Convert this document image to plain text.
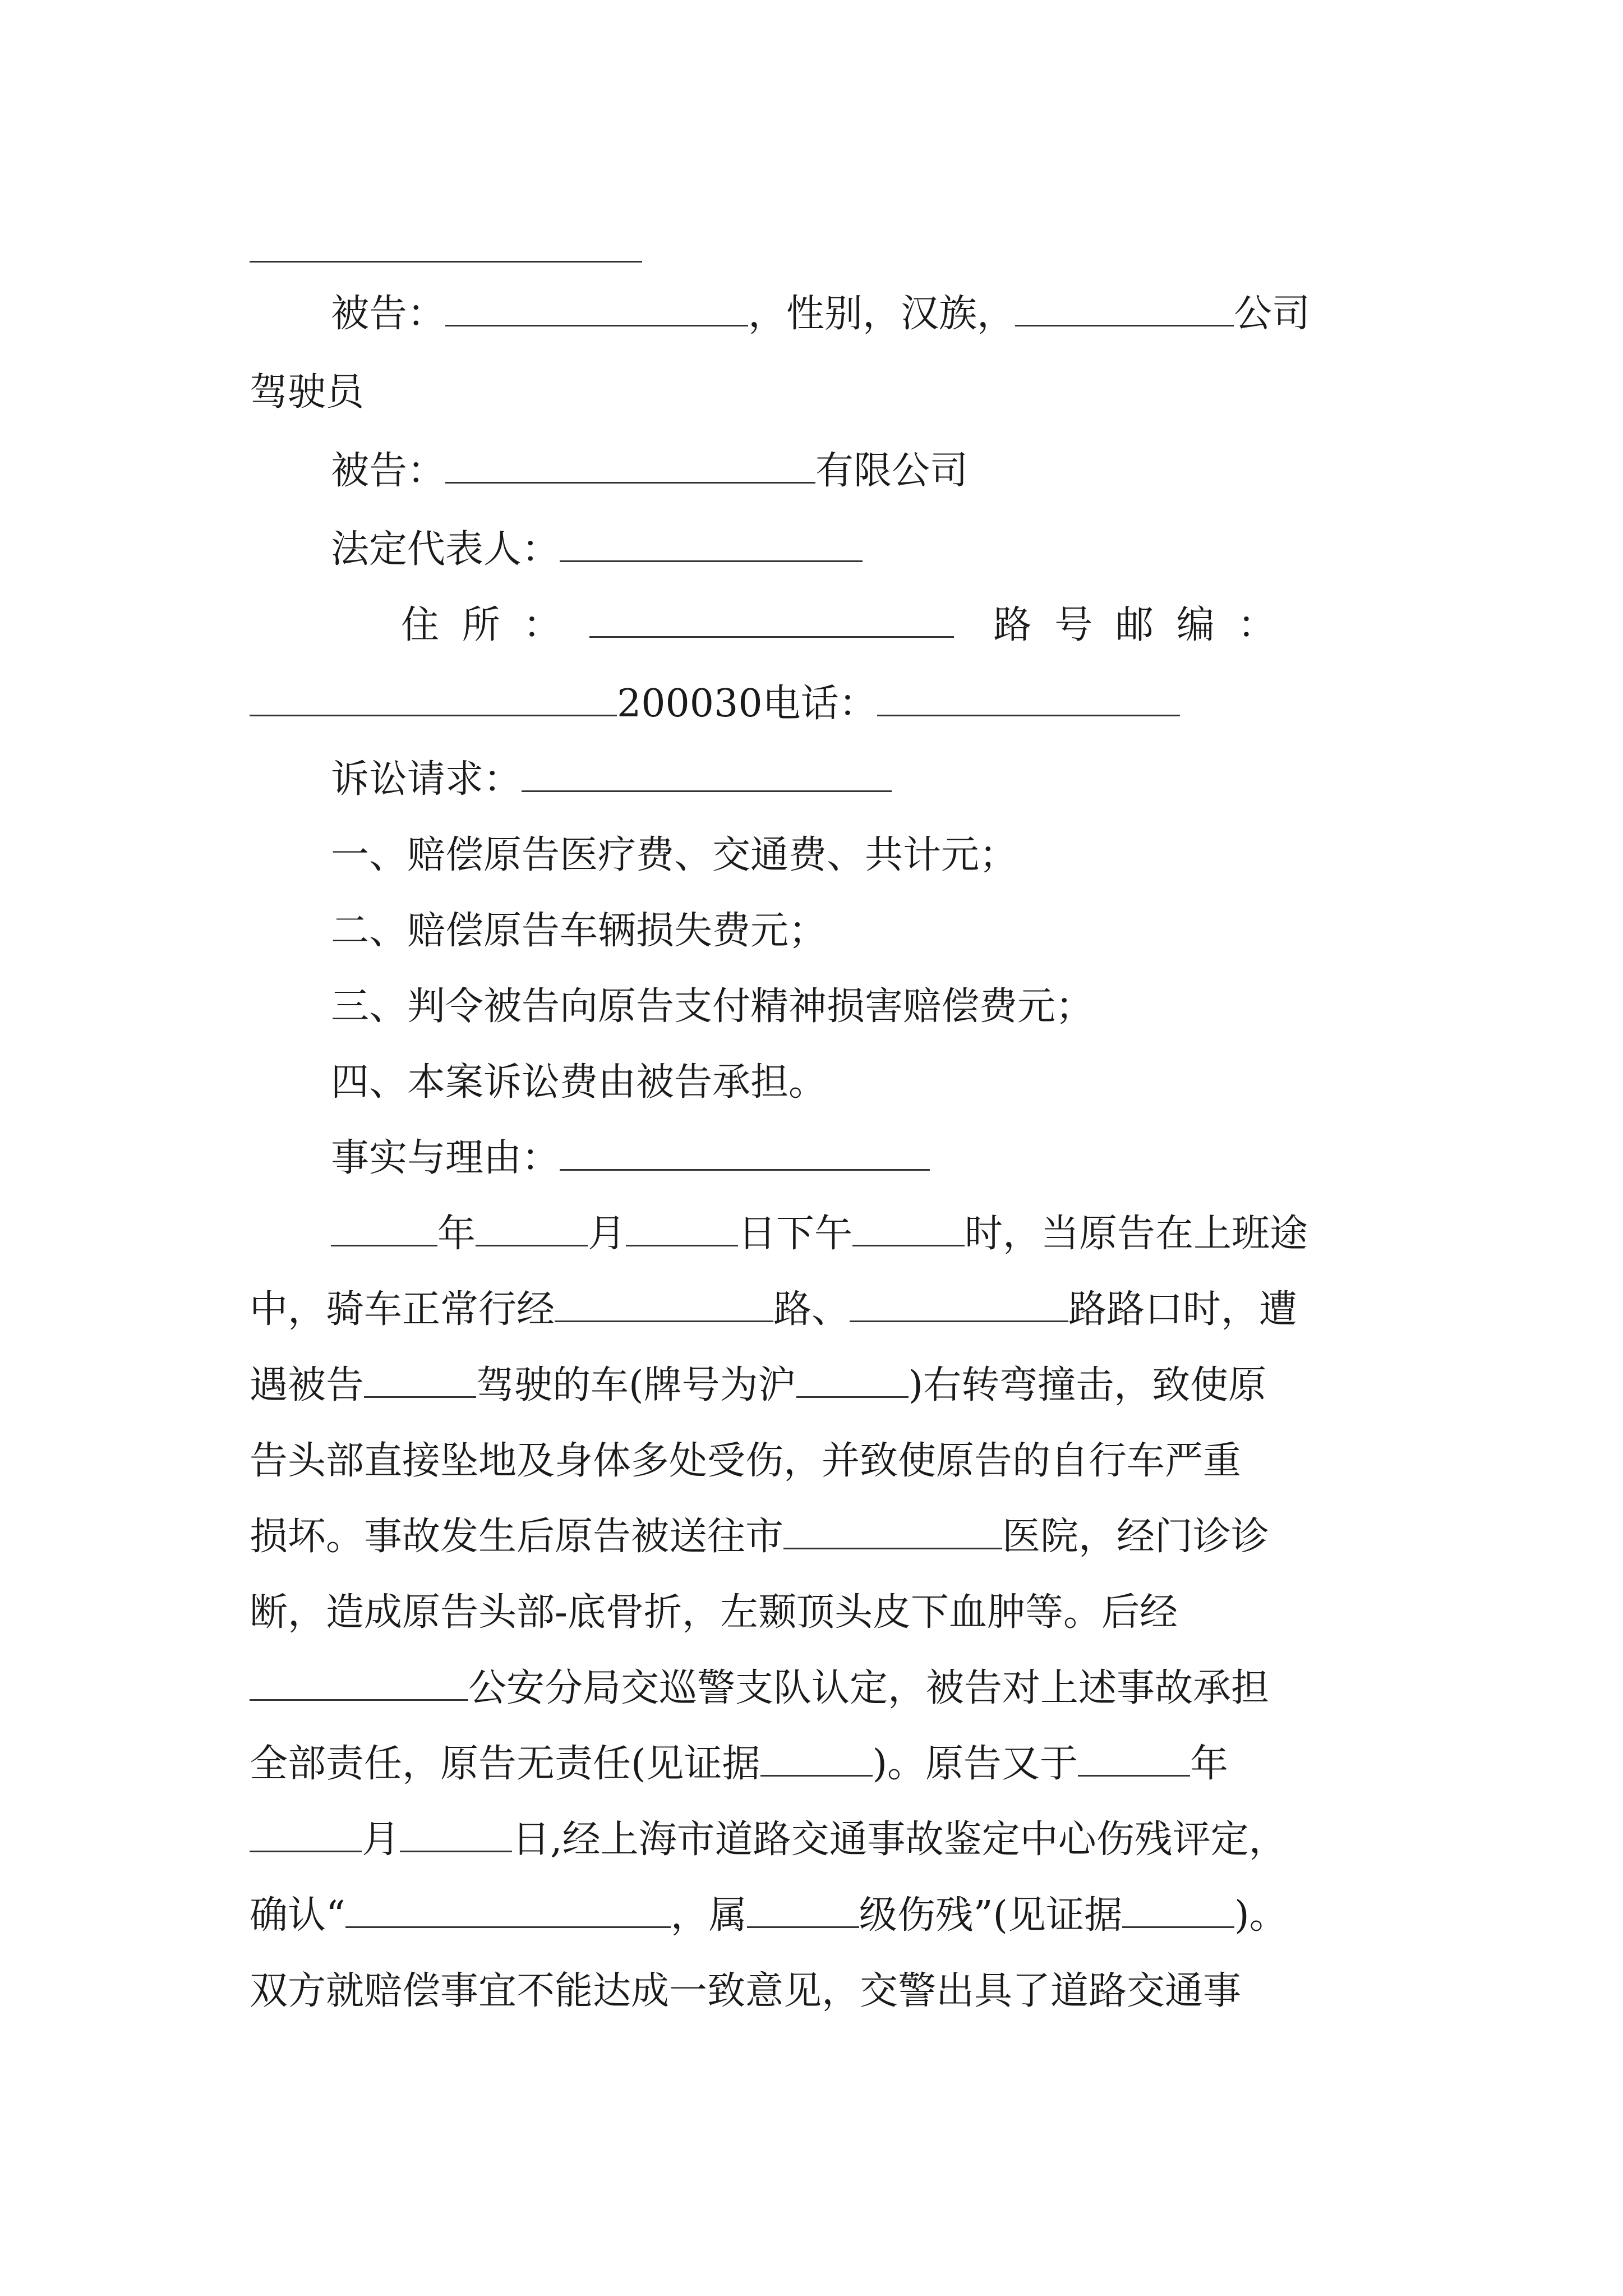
被告：	，性别，汉族，	公司
驾驶员
被告：	有限公司
法定代表人：
住所：	路号邮编：
200030电话：
诉讼请求：
一、赔偿原告医疗费、交通费、共计元；
二、赔偿原告车辆损失费元；
三、判令被告向原告支付精神损害赔偿费元；
四、本案诉讼费由被告承担。
事实与理由：
年	月	日下午	时，当原告在上班途
中，骑车正常行经	路、	路路口时，遭
遇被告	驾驶的车(牌号为沪	)右转弯撞击，致使原
告头部直接坠地及身体多处受伤，并致使原告的自行车严重
损坏。事故发生后原告被送往市	医院，经门诊诊
断，造成原告头部-底骨折，左颞顶头皮下血肿等。后经
公安分局交巡警支队认定，被告对上述事故承担
全部责任，原告无责任(见证据	)。原告又于	年
月	日,经上海市道路交通事故鉴定中心伤残评定，
确认“	，属	级伤残”(见证据	)。
双方就赔偿事宜不能达成一致意见，交警出具了道路交通事
